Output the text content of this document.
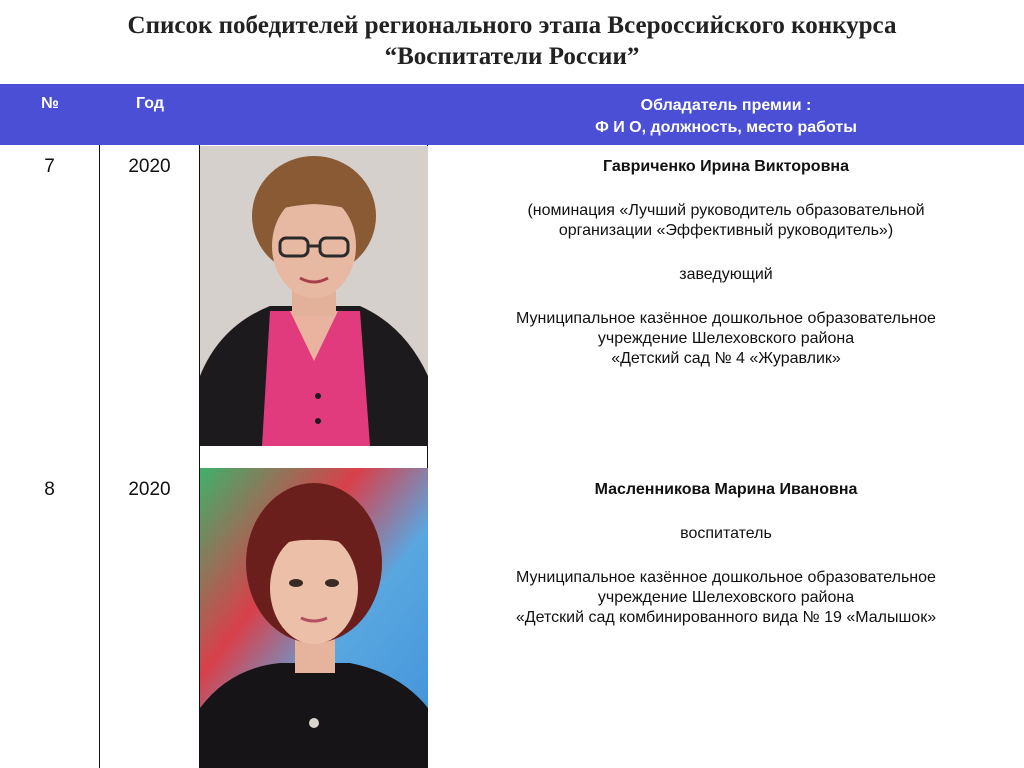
Список победителей регионального этапа Всероссийского конкурса
“Воспитатели России”
№	Год	Обладатель премии :
Ф И О, должность, место работы
7	2020	Гавриченко Ирина Викторовна
(номинация «Лучший руководитель образовательной
организации «Эффективный руководитель»)
заведующий
Муниципальное казённое дошкольное образовательное
учреждение Шелеховского района
«Детский сад № 4 «Журавлик»
8	2020	Масленникова Марина Ивановна
воспитатель
Муниципальное казённое дошкольное образовательное
учреждение Шелеховского района
«Детский сад комбинированного вида № 19 «Малышок»
